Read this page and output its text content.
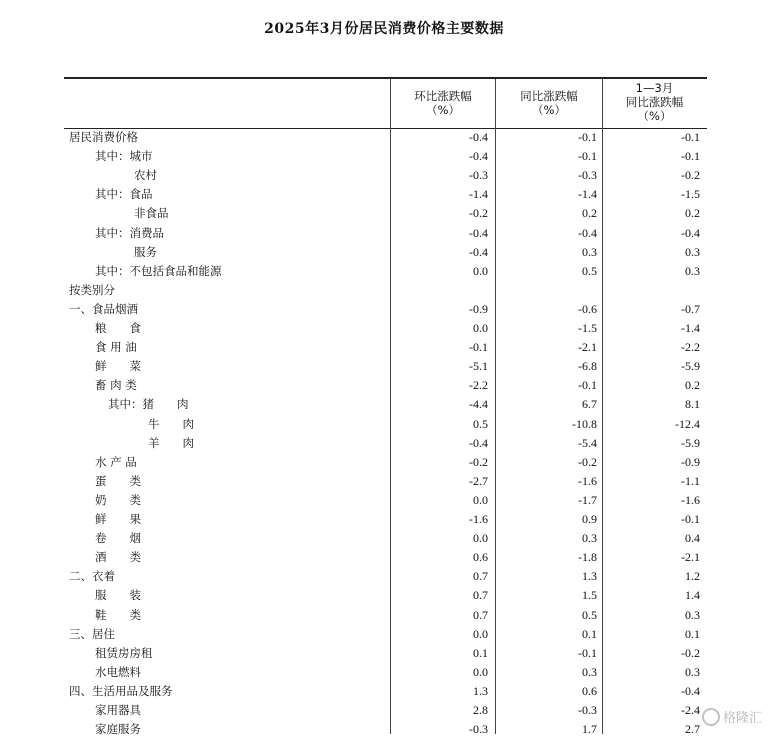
2025年3月份居民消费价格主要数据
环比涨跌幅
（%）
同比涨跌幅
（%）
1—3月
同比涨跌幅
（%）
居民消费价格	-0.4	-0.1	-0.1
其中：城市	-0.4	-0.1	-0.1
农村	-0.3	-0.3	-0.2
其中：食品	-1.4	-1.4	-1.5
非食品	-0.2	0.2	0.2
其中：消费品	-0.4	-0.4	-0.4
服务	-0.4	0.3	0.3
其中：不包括食品和能源	0.0	0.5	0.3
按类别分
一、食品烟酒	-0.9	-0.6	-0.7
粮　　食	0.0	-1.5	-1.4
食 用 油	-0.1	-2.1	-2.2
鲜　　菜	-5.1	-6.8	-5.9
畜 肉 类	-2.2	-0.1	0.2
其中：猪　　肉	-4.4	6.7	8.1
牛　　肉	0.5	-10.8	-12.4
羊　　肉	-0.4	-5.4	-5.9
水 产 品	-0.2	-0.2	-0.9
蛋　　类	-2.7	-1.6	-1.1
奶　　类	0.0	-1.7	-1.6
鲜　　果	-1.6	0.9	-0.1
卷　　烟	0.0	0.3	0.4
酒　　类	0.6	-1.8	-2.1
二、衣着	0.7	1.3	1.2
服　　装	0.7	1.5	1.4
鞋　　类	0.7	0.5	0.3
三、居住	0.0	0.1	0.1
租赁房房租	0.1	-0.1	-0.2
水电燃料	0.0	0.3	0.3
四、生活用品及服务	1.3	0.6	-0.4
家用器具	2.8	-0.3	-2.4
家庭服务	-0.3	1.7	2.7
格隆汇
